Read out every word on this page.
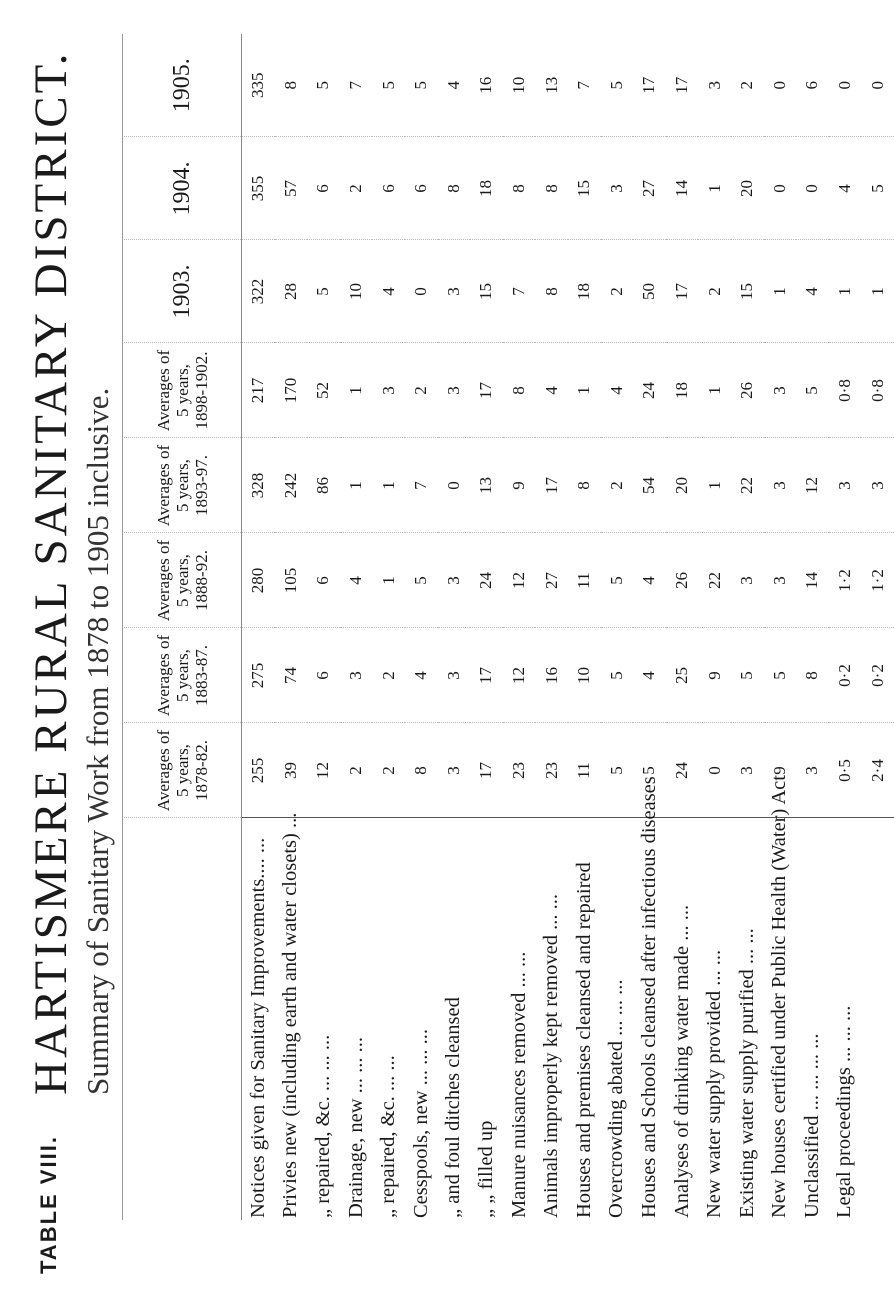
TABLE VIII.
HARTISMERE RURAL SANITARY DISTRICT. Summary of Sanitary Work from 1878 to 1905 inclusive.
	Averages of 5 years, 1878-82.	Averages of 5 years, 1883-87.	Averages of 5 years, 1888-92.	Averages of 5 years, 1893-97.	Averages of 5 years, 1898-1902.	1903.	1904.	1905.
Notices given for Sanitary Improvements.... ...	255	275	280	328	217	322	355	335
Privies new (including earth and water closets) ...	39	74	105	242	170	28	57	8
„ repaired, &c. ... ... ...	12	6	6	86	52	5	6	5
Drainage, new ... ... ...	2	3	4	1	1	10	2	7
„ repaired, &c. ... ...	2	2	1	1	3	4	6	5
Cesspools, new ... ... ...	8	4	5	7	2	0	6	5
„ and foul ditches cleansed	3	3	3	0	3	3	8	4
„ „ filled up	17	17	24	13	17	15	18	16
Manure nuisances removed ... ...	23	12	12	9	8	7	8	10
Animals improperly kept removed ... ...	23	16	27	17	4	8	8	13
Houses and premises cleansed and repaired	11	10	11	8	1	18	15	7
Overcrowding abated ... ... ...	5	5	5	2	4	2	3	5
Houses and Schools cleansed after infectious diseases	5	4	4	54	24	50	27	17
Analyses of drinking water made ... ...	24	25	26	20	18	17	14	17
New water supply provided ... ...	0	9	22	1	1	2	1	3
Existing water supply purified ... ...	3	5	3	22	26	15	20	2
New houses certified under Public Health (Water) Act	9	5	3	3	3	1	0	0
Unclassified ... ... ... ...	3	8	14	12	5	4	0	6
Legal proceedings ... ... ...	0·5	0·2	1·2	3	0·8	1	4	0
	2·4	0·2	1·2	3	0·8	1	5	0
